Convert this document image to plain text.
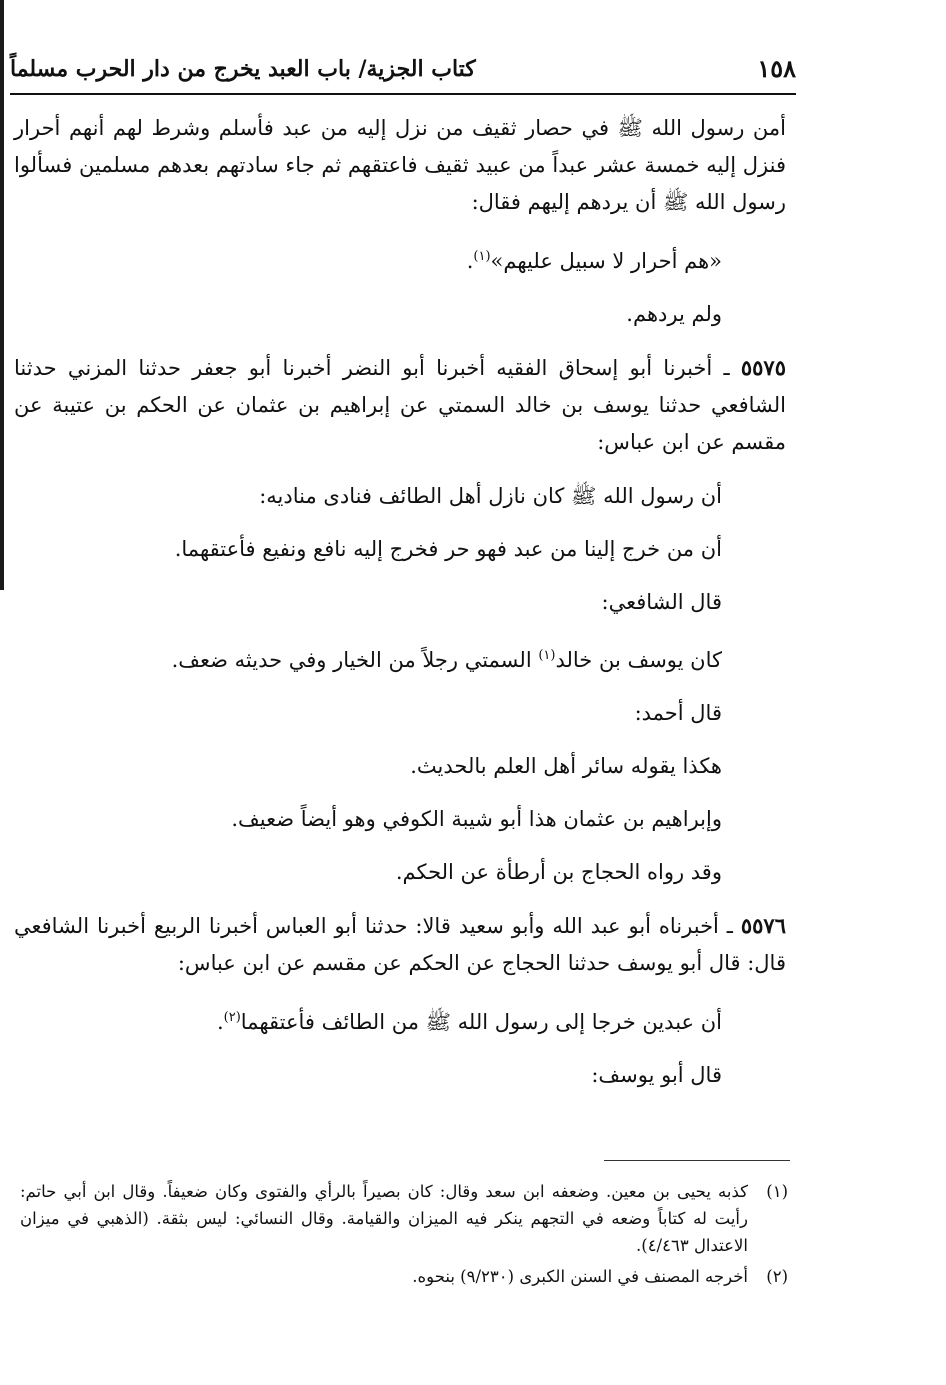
١٥٨
كتاب الجزية/ باب العبد يخرج من دار الحرب مسلماً

أمن رسول الله ﷺ في حصار ثقيف من نزل إليه من عبد فأسلم وشرط لهم أنهم أحرار فنزل إليه خمسة عشر عبداً من عبيد ثقيف فاعتقهم ثم جاء سادتهم بعدهم مسلمين فسألوا رسول الله ﷺ أن يردهم إليهم فقال:

«هم أحرار لا سبيل عليهم»$^{(١)}$.

ولم يردهم.

٥٥٧٥ ـ أخبرنا أبو إسحاق الفقيه أخبرنا أبو النضر أخبرنا أبو جعفر حدثنا المزني حدثنا الشافعي حدثنا يوسف بن خالد السمتي عن إبراهيم بن عثمان عن الحكم بن عتيبة عن مقسم عن ابن عباس:

أن رسول الله ﷺ كان نازل أهل الطائف فنادى مناديه:

أن من خرج إلينا من عبد فهو حر فخرج إليه نافع ونفيع فأعتقهما.

قال الشافعي:

كان يوسف بن خالد$^{(١)}$ السمتي رجلاً من الخيار وفي حديثه ضعف.

قال أحمد:

هكذا يقوله سائر أهل العلم بالحديث.

وإبراهيم بن عثمان هذا أبو شيبة الكوفي وهو أيضاً ضعيف.

وقد رواه الحجاج بن أرطأة عن الحكم.

٥٥٧٦ ـ أخبرناه أبو عبد الله وأبو سعيد قالا: حدثنا أبو العباس أخبرنا الربيع أخبرنا الشافعي قال: قال أبو يوسف حدثنا الحجاج عن الحكم عن مقسم عن ابن عباس:

أن عبدين خرجا إلى رسول الله ﷺ من الطائف فأعتقهما$^{(٢)}$.

قال أبو يوسف:

(١)
كذبه يحيى بن معين. وضعفه ابن سعد وقال: كان بصيراً بالرأي والفتوى وكان ضعيفاً. وقال ابن أبي حاتم: رأيت له كتاباً وضعه في التجهم ينكر فيه الميزان والقيامة. وقال النسائي: ليس بثقة. (الذهبي في ميزان الاعتدال ٤/٤٦٣).
(٢)
أخرجه المصنف في السنن الكبرى (٩/٢٣٠) بنحوه.
